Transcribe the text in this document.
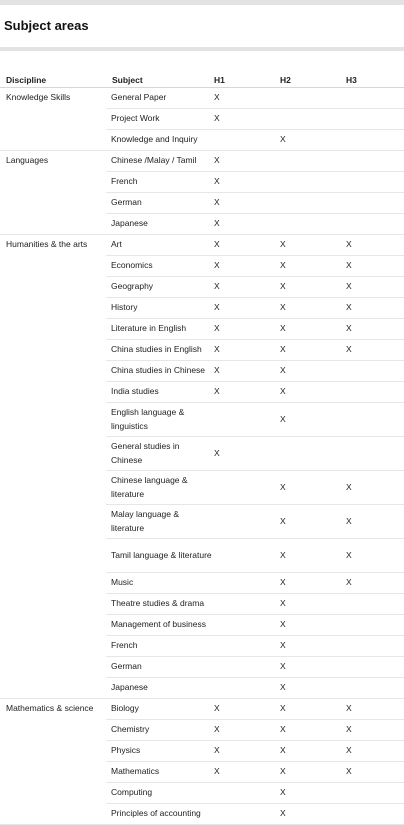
Subject areas
Discipline	Subject	H1	H2	H3
Knowledge Skills	General Paper	X		
	Project Work	X		
	Knowledge and Inquiry		X	
Languages	Chinese /Malay / Tamil	X		
	French	X		
	German	X		
	Japanese	X		
Humanities & the arts	Art	X	X	X
	Economics	X	X	X
	Geography	X	X	X
	History	X	X	X
	Literature in English	X	X	X
	China studies in English	X	X	X
	China studies in Chinese	X	X	
	India studies	X	X	
	English language & linguistics		X	
	General studies in Chinese	X		
	Chinese language & literature		X	X
	Malay language & literature		X	X
	Tamil language & literature		X	X
	Music		X	X
	Theatre studies & drama		X	
	Management of business		X	
	French		X	
	German		X	
	Japanese		X	
Mathematics & science	Biology	X	X	X
	Chemistry	X	X	X
	Physics	X	X	X
	Mathematics	X	X	X
	Computing		X	
	Principles of accounting		X	
